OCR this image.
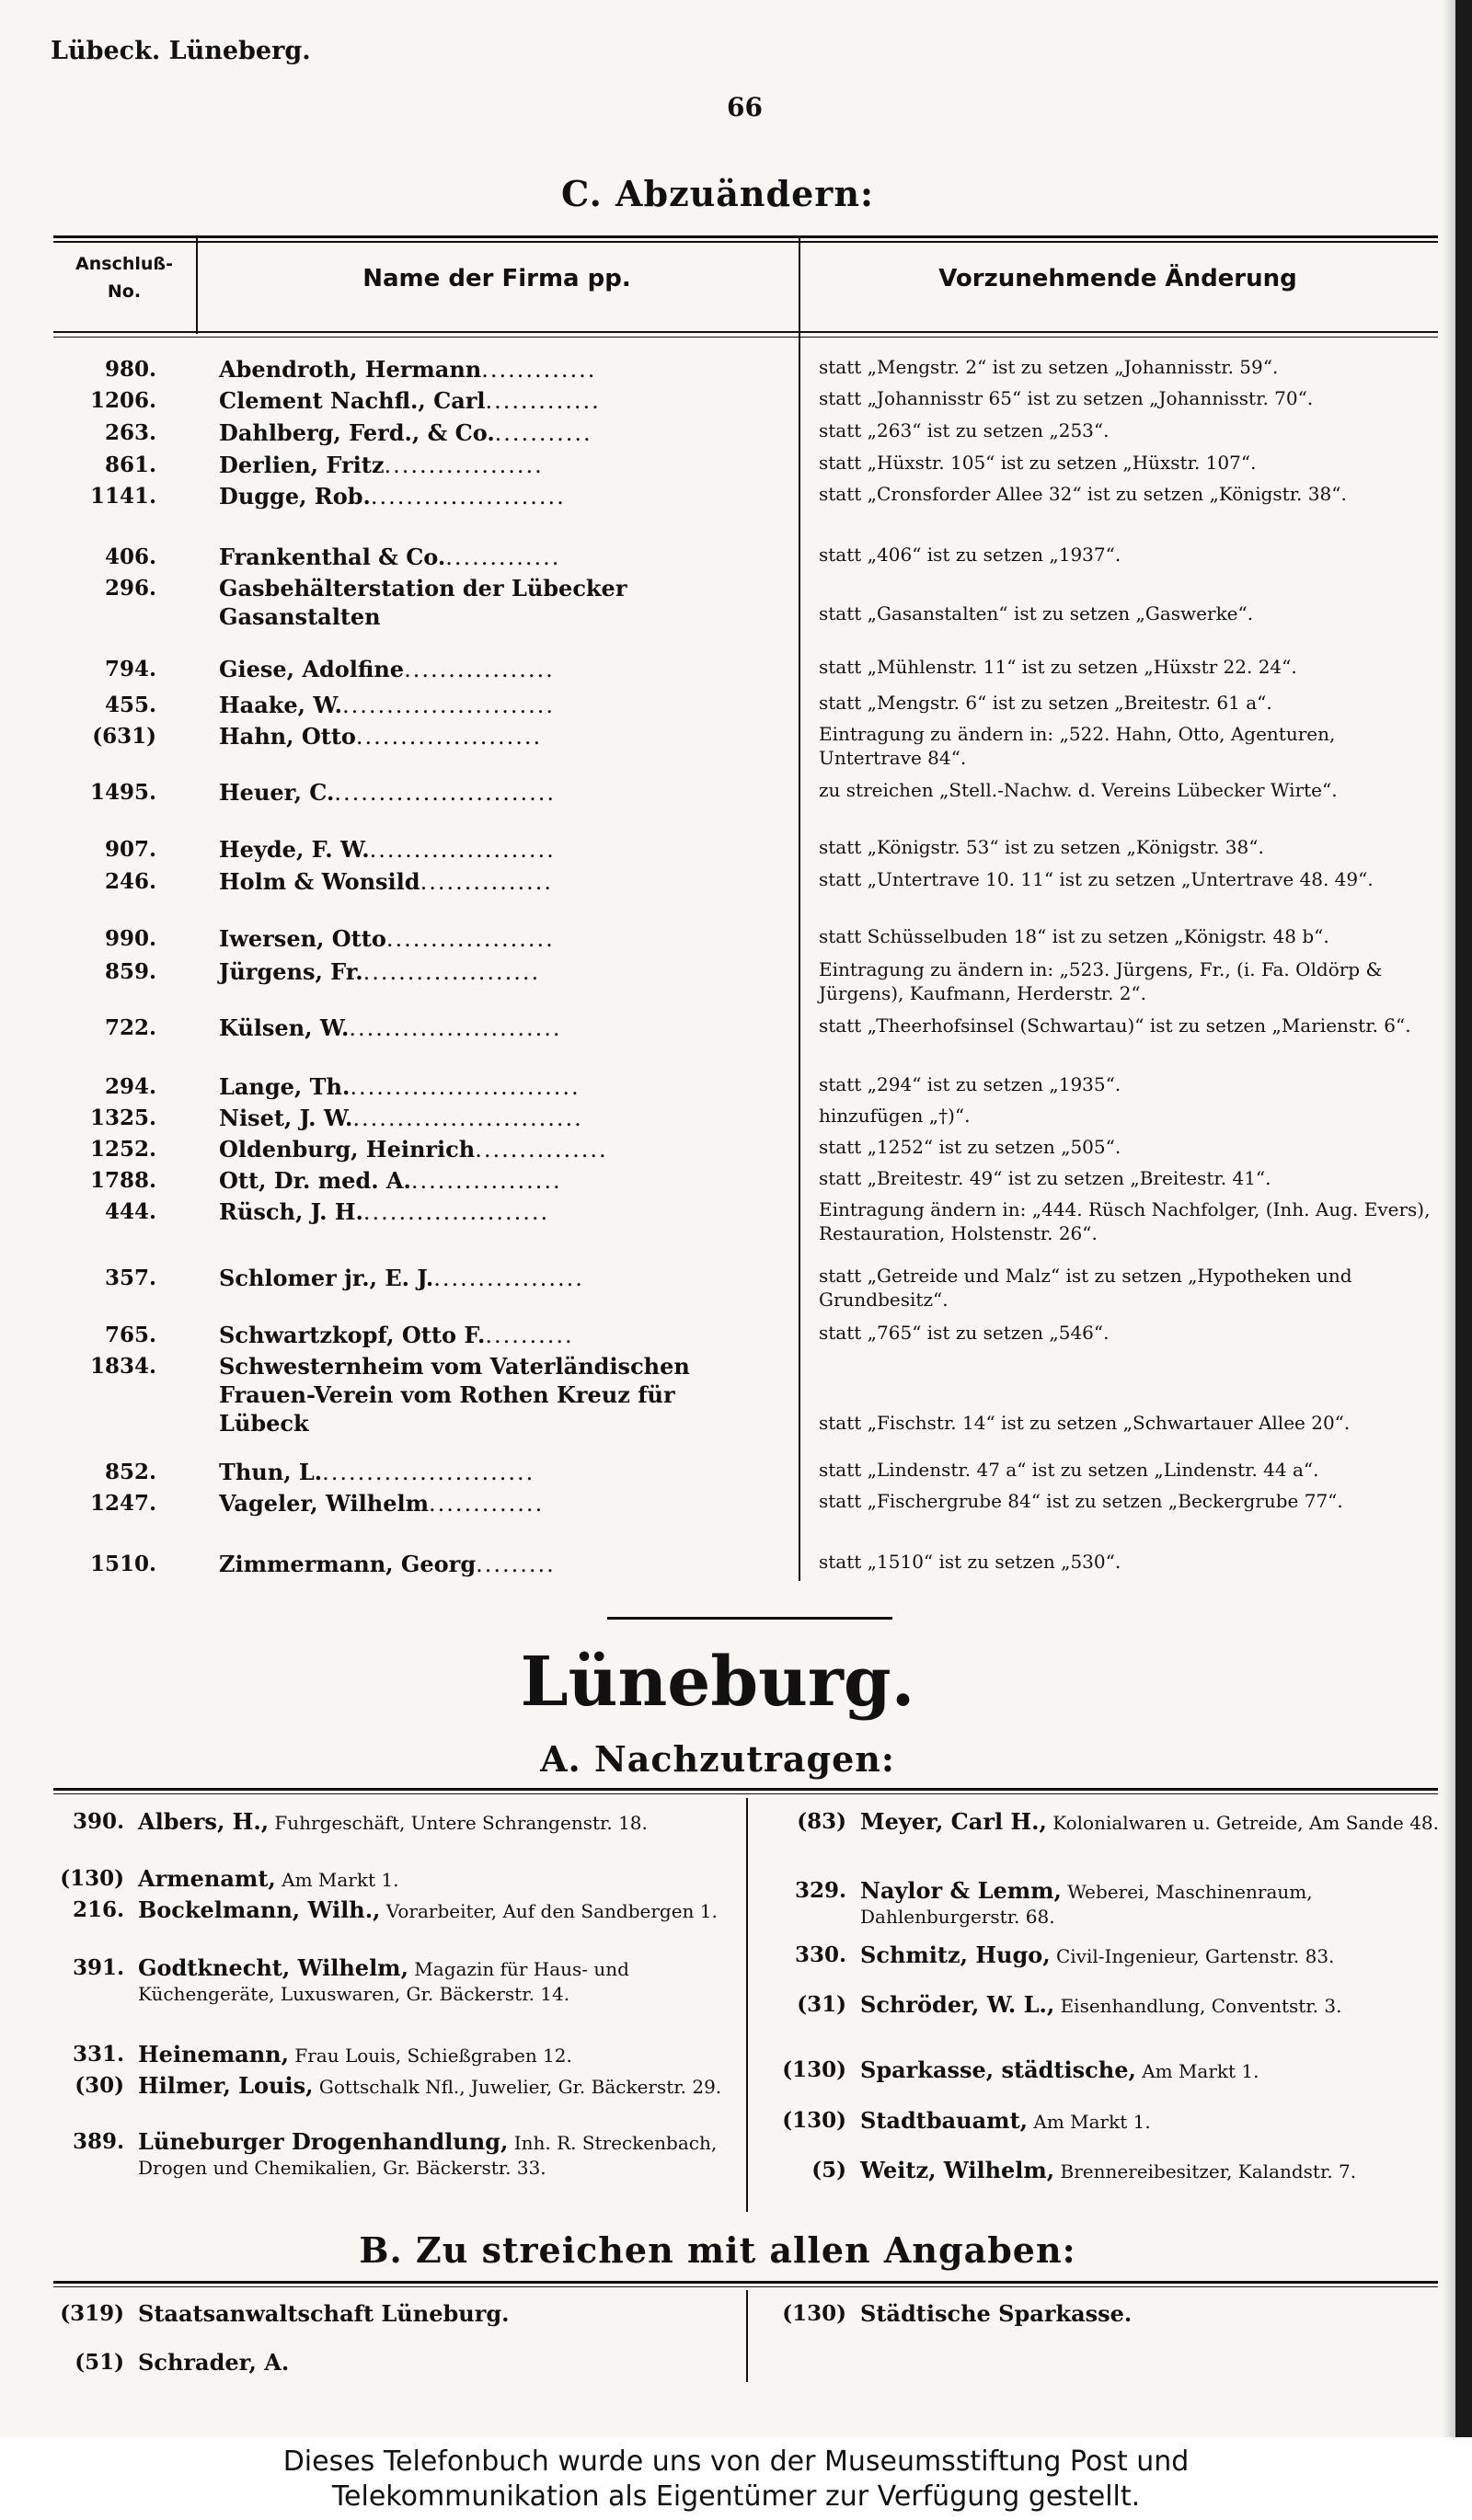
Lübeck. Lüneberg.
66
C. Abzuändern:
Anschluß-
No.	Name der Firma pp.	Vorzunehmende Änderung
980.	Abendroth, Hermann.............	statt „Mengstr. 2“ ist zu setzen „Johannisstr. 59“.
1206.	Clement Nachfl., Carl.............	statt „Johannisstr 65“ ist zu setzen „Johannisstr. 70“.
263.	Dahlberg, Ferd., & Co............	statt „263“ ist zu setzen „253“.
861.	Derlien, Fritz..................	statt „Hüxstr. 105“ ist zu setzen „Hüxstr. 107“.
1141.	Dugge, Rob.......................	statt „Cronsforder Allee 32“ ist zu setzen „Königstr. 38“.
406.	Frankenthal & Co..............	statt „406“ ist zu setzen „1937“.
296.	Gasbehälterstation der Lübecker Gasanstalten	statt „Gasanstalten“ ist zu setzen „Gaswerke“.
794.	Giese, Adolfine.................	statt „Mühlenstr. 11“ ist zu setzen „Hüxstr 22. 24“.
455.	Haake, W.........................	statt „Mengstr. 6“ ist zu setzen „Breitestr. 61 a“.
(631)	Hahn, Otto.....................	Eintragung zu ändern in: „522. Hahn, Otto, Agenturen, Untertrave 84“.
1495.	Heuer, C..........................	zu streichen „Stell.-Nachw. d. Vereins Lübecker Wirte“.
907.	Heyde, F. W......................	statt „Königstr. 53“ ist zu setzen „Königstr. 38“.
246.	Holm & Wonsild...............	statt „Untertrave 10. 11“ ist zu setzen „Untertrave 48. 49“.
990.	Iwersen, Otto...................	statt Schüsselbuden 18“ ist zu setzen „Königstr. 48 b“.
859.	Jürgens, Fr.....................	Eintragung zu ändern in: „523. Jürgens, Fr., (i. Fa. Oldörp & Jürgens), Kaufmann, Herderstr. 2“.
722.	Külsen, W.........................	statt „Theerhofsinsel (Schwartau)“ ist zu setzen „Marienstr. 6“.
294.	Lange, Th...........................	statt „294“ ist zu setzen „1935“.
1325.	Niset, J. W...........................	hinzufügen „†)“.
1252.	Oldenburg, Heinrich...............	statt „1252“ ist zu setzen „505“.
1788.	Ott, Dr. med. A..................	statt „Breitestr. 49“ ist zu setzen „Breitestr. 41“.
444.	Rüsch, J. H......................	Eintragung ändern in: „444. Rüsch Nachfolger, (Inh. Aug. Evers), Restauration, Holstenstr. 26“.
357.	Schlomer jr., E. J..................	statt „Getreide und Malz“ ist zu setzen „Hypotheken und Grundbesitz“.
765.	Schwartzkopf, Otto F...........	statt „765“ ist zu setzen „546“.
1834.	Schwesternheim vom Vaterländischen Frauen-Verein vom Rothen Kreuz für Lübeck	statt „Fischstr. 14“ ist zu setzen „Schwartauer Allee 20“.
852.	Thun, L.........................	statt „Lindenstr. 47 a“ ist zu setzen „Lindenstr. 44 a“.
1247.	Vageler, Wilhelm.............	statt „Fischergrube 84“ ist zu setzen „Beckergrube 77“.
1510.	Zimmermann, Georg.........	statt „1510“ ist zu setzen „530“.
Lüneburg.
A. Nachzutragen:
390. Albers, H., Fuhrgeschäft, Untere Schrangenstr. 18.
(130) Armenamt, Am Markt 1.
216. Bockelmann, Wilh., Vorarbeiter, Auf den Sandbergen 1.
391. Godtknecht, Wilhelm, Magazin für Haus- und Küchengeräte, Luxuswaren, Gr. Bäckerstr. 14.
331. Heinemann, Frau Louis, Schießgraben 12.
(30) Hilmer, Louis, Gottschalk Nfl., Juwelier, Gr. Bäckerstr. 29.
389. Lüneburger Drogenhandlung, Inh. R. Streckenbach, Drogen und Chemikalien, Gr. Bäckerstr. 33.
(83) Meyer, Carl H., Kolonialwaren u. Getreide, Am Sande 48.
329. Naylor & Lemm, Weberei, Maschinenraum, Dahlenburgerstr. 68.
330. Schmitz, Hugo, Civil-Ingenieur, Gartenstr. 83.
(31) Schröder, W. L., Eisenhandlung, Conventstr. 3.
(130) Sparkasse, städtische, Am Markt 1.
(130) Stadtbauamt, Am Markt 1.
(5) Weitz, Wilhelm, Brennereibesitzer, Kalandstr. 7.
B. Zu streichen mit allen Angaben:
(319) Staatsanwaltschaft Lüneburg.
(51) Schrader, A.
(130) Städtische Sparkasse.

Dieses Telefonbuch wurde uns von der Museumsstiftung Post und

Telekommunikation als Eigentümer zur Verfügung gestellt.
